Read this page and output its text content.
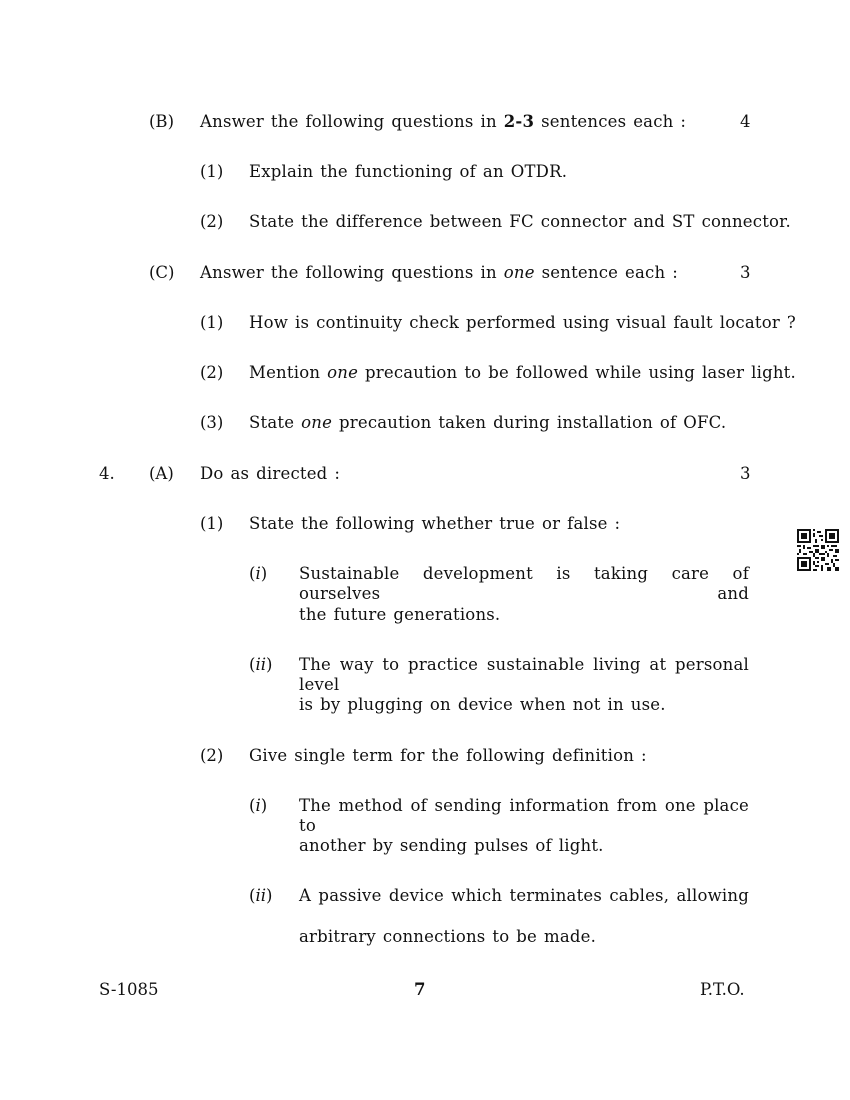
(B) Answer the following questions in 2-3 sentences each :	4
(1) Explain the functioning of an OTDR.
(2) State the difference between FC connector and ST connector.
(C) Answer the following questions in one sentence each :	3
(1) How is continuity check performed using visual fault locator ?
(2) Mention one precaution to be followed while using laser light.
(3) State one precaution taken during installation of OFC.
4. (A) Do as directed :	3
(1) State the following whether true or false :
(i) Sustainable development is taking care of ourselves and
the future generations.
(ii) The way to practice sustainable living at personal level
is by plugging on device when not in use.
(2) Give single term for the following definition :
(i) The method of sending information from one place to
another by sending pulses of light.
(ii) A passive device which terminates cables, allowing
arbitrary connections to be made.
S-1085	7	P.T.O.
